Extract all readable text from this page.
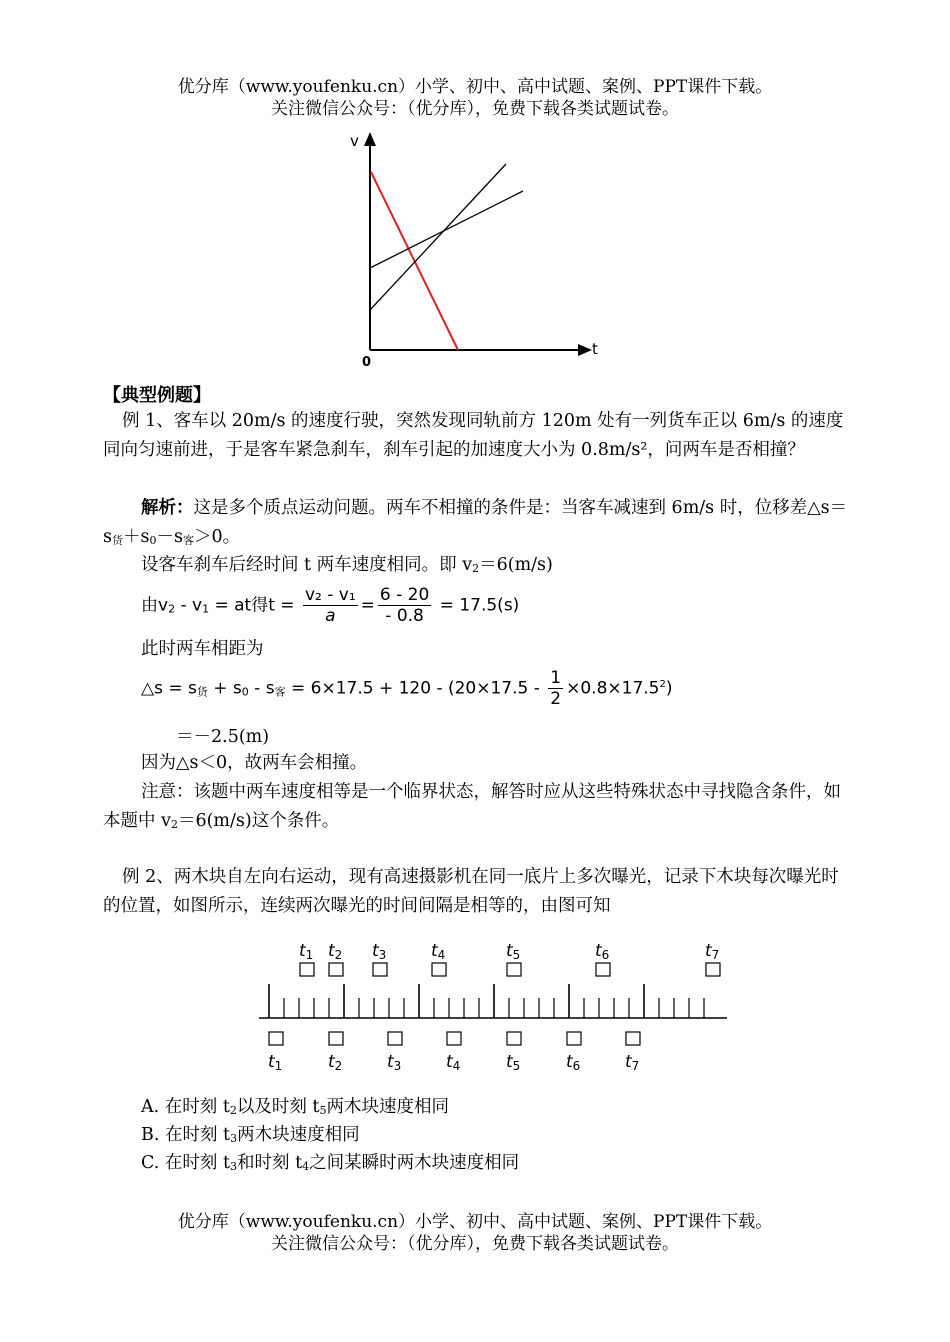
优分库（www.youfenku.cn）小学、初中、高中试题、案例、PPT课件下载。
关注微信公众号：（优分库），免费下载各类试题试卷。
v
t
0
【典型例题】
例 1、客车以 20m/s 的速度行驶，突然发现同轨前方 120m 处有一列货车正以 6m/s 的速度同向匀速前进，于是客车紧急刹车，刹车引起的加速度大小为 0.8m/s²，问两车是否相撞？
解析：这是多个质点运动问题。两车不相撞的条件是：当客车减速到 6m/s 时，位移差$\triangle s=s_货+s_0-s_客>0$。
设客车刹车后经时间 t 两车速度相同。即 $v_2=6(m/s)$
由$v_2 - v_1$ = at得$t = \frac{\text{v₂ - v₁}}{a} = \frac{6 - 20}{- 0.8} = 17.5(s)$
此时两车相距为
△s = $s_货 + s_0 - s_客 = 6\times 17.5 + 120 - (20\times 17.5 - \frac{1}{2} \times 0.8\times 17.5^2)$
＝－2.5(m)
因为△s＜0，故两车会相撞。
注意：该题中两车速度相等是一个临界状态，解答时应从这些特殊状态中寻找隐含条件，如本题中 $v_2=6(m/s)$这个条件。
例 2、两木块自左向右运动，现有高速摄影机在同一底片上多次曝光，记录下木块每次曝光时的位置，如图所示，连续两次曝光的时间间隔是相等的，由图可知
t1 t2 t3	t4	t5	t6	t7
t1	t2	t3	t4	t5	t6	t7
A. 在时刻 $t_2$以及时刻 $t_5$两木块速度相同
B. 在时刻 $t_3$两木块速度相同
C. 在时刻 $t_3$和时刻 $t_4$之间某瞬时两木块速度相同
优分库（www.youfenku.cn）小学、初中、高中试题、案例、PPT课件下载。
关注微信公众号：（优分库），免费下载各类试题试卷。
